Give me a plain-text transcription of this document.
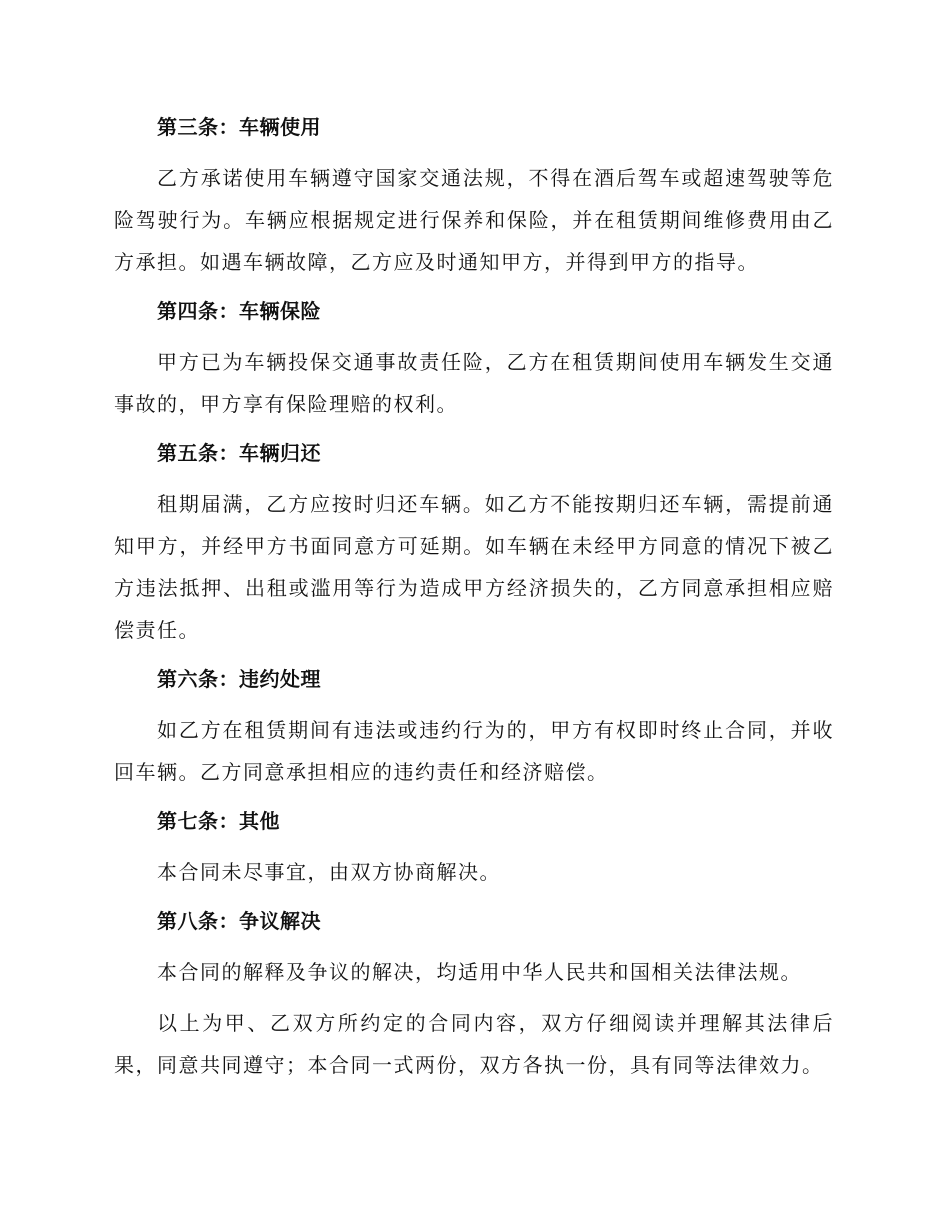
第三条：车辆使用

乙方承诺使用车辆遵守国家交通法规，不得在酒后驾车或超速驾驶等危险驾驶行为。车辆应根据规定进行保养和保险，并在租赁期间维修费用由乙方承担。如遇车辆故障，乙方应及时通知甲方，并得到甲方的指导。

第四条：车辆保险

甲方已为车辆投保交通事故责任险，乙方在租赁期间使用车辆发生交通事故的，甲方享有保险理赔的权利。

第五条：车辆归还

租期届满，乙方应按时归还车辆。如乙方不能按期归还车辆，需提前通知甲方，并经甲方书面同意方可延期。如车辆在未经甲方同意的情况下被乙方违法抵押、出租或滥用等行为造成甲方经济损失的，乙方同意承担相应赔偿责任。

第六条：违约处理

如乙方在租赁期间有违法或违约行为的，甲方有权即时终止合同，并收回车辆。乙方同意承担相应的违约责任和经济赔偿。

第七条：其他

本合同未尽事宜，由双方协商解决。

第八条：争议解决

本合同的解释及争议的解决，均适用中华人民共和国相关法律法规。

以上为甲、乙双方所约定的合同内容，双方仔细阅读并理解其法律后果，同意共同遵守；本合同一式两份，双方各执一份，具有同等法律效力。
